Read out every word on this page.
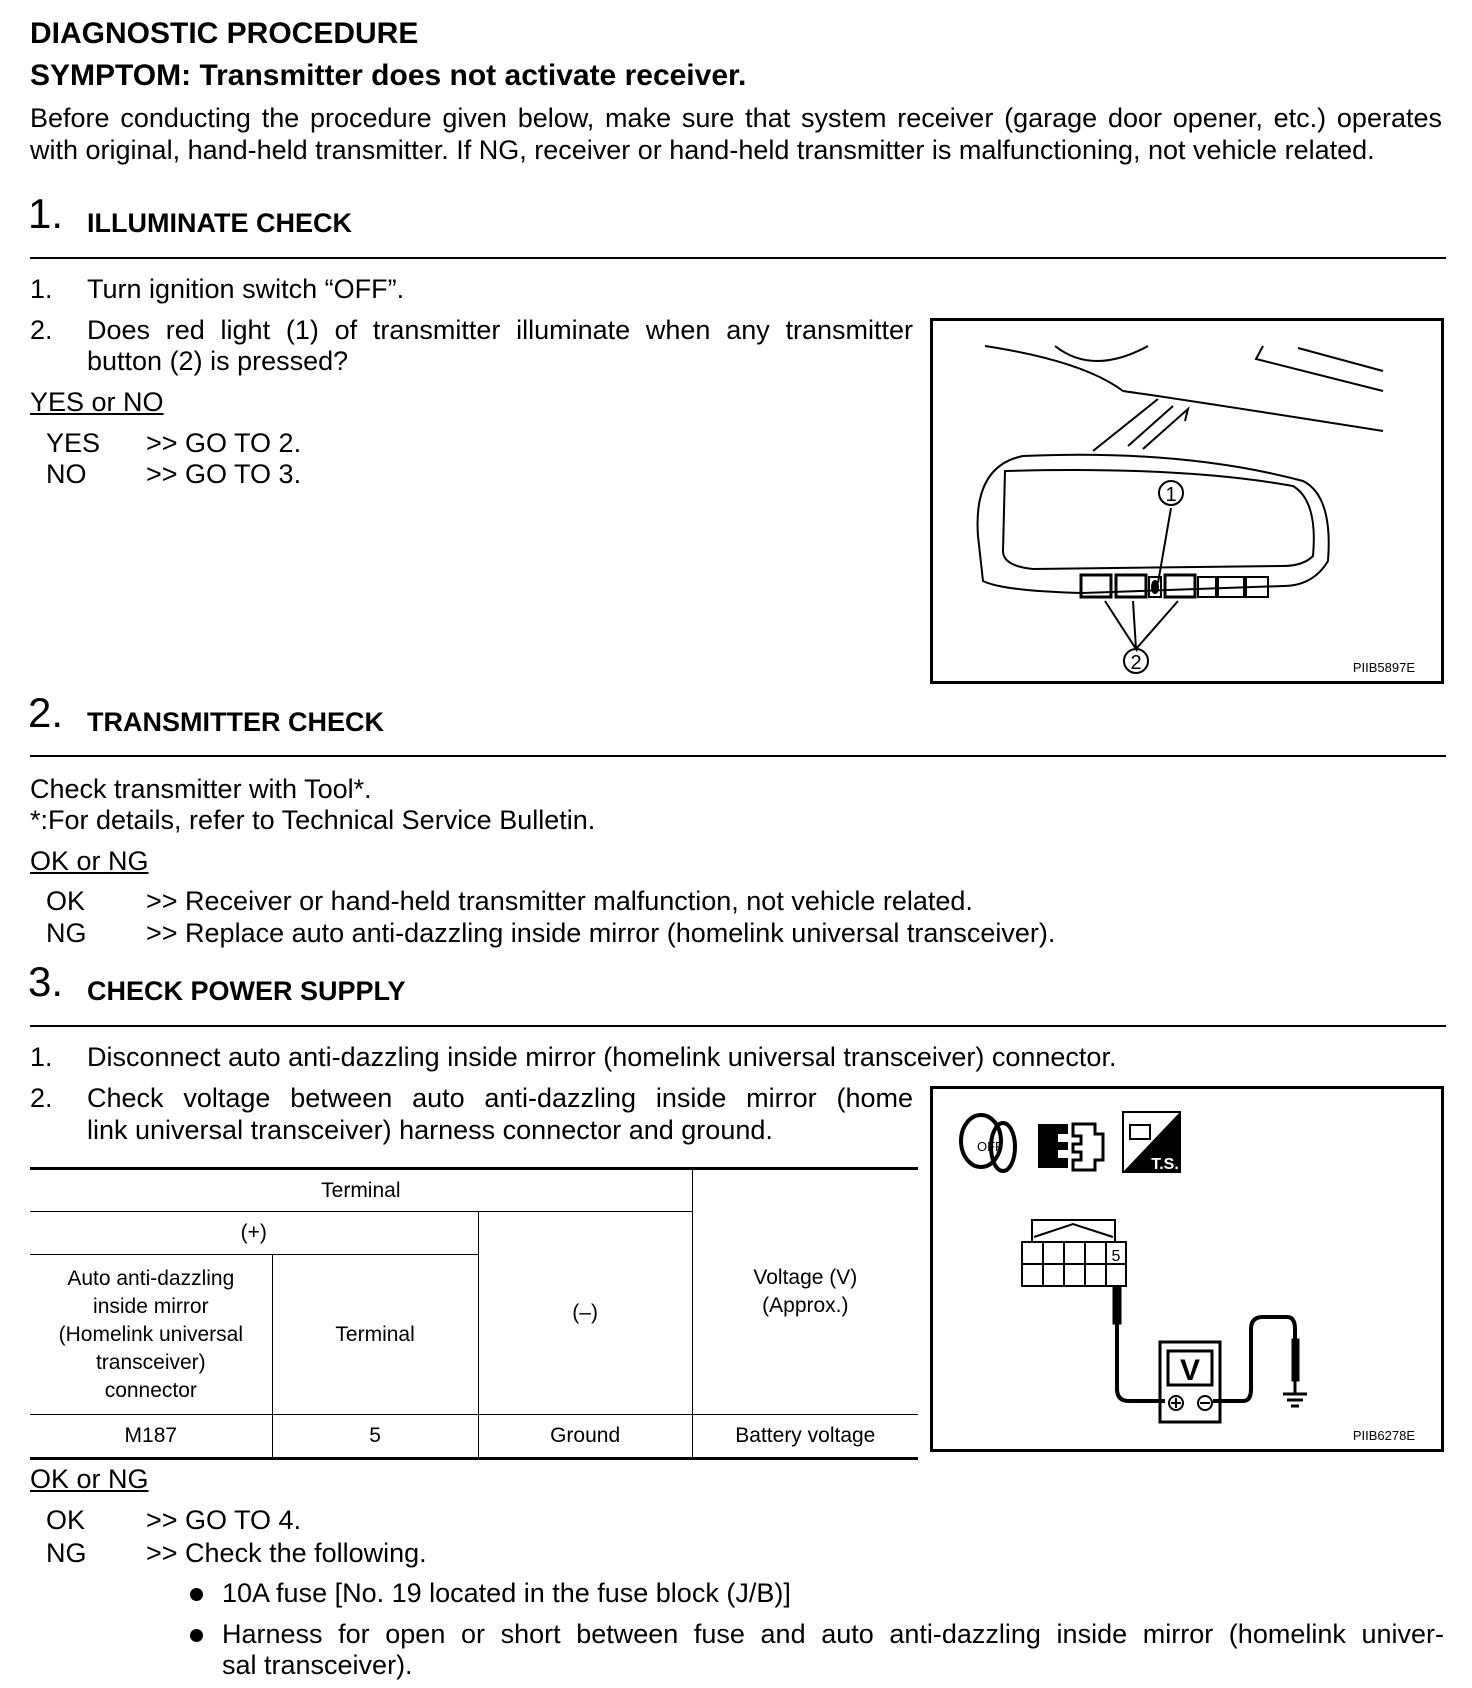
DIAGNOSTIC PROCEDURE
SYMPTOM: Transmitter does not activate receiver.
Before conducting the procedure given below, make sure that system receiver (garage door opener, etc.) operates with original, hand-held transmitter. If NG, receiver or hand-held transmitter is malfunctioning, not vehicle related.
1. ILLUMINATE CHECK
1. Turn ignition switch “OFF”.
2. Does red light (1) of transmitter illuminate when any transmitter
button (2) is pressed?
YES or NO
YES >> GO TO 2.
NO >> GO TO 3.
1
2	PIIB5897E
2. TRANSMITTER CHECK
Check transmitter with Tool*.
*:For details, refer to Technical Service Bulletin.
OK or NG
OK >> Receiver or hand-held transmitter malfunction, not vehicle related.
NG >> Replace auto anti-dazzling inside mirror (homelink universal transceiver).
3. CHECK POWER SUPPLY
1. Disconnect auto anti-dazzling inside mirror (homelink universal transceiver) connector.
2. Check voltage between auto anti-dazzling inside mirror (home
link universal transceiver) harness connector and ground.
Terminal			Voltage (V)
(Approx.)
(+)		(–)	
Auto anti-dazzling
inside mirror
(Homelink universal
transceiver)
connector	Terminal		
M187	5	Ground	Battery voltage
OFF
T.S.
5
V
PIIB6278E
OK or NG
OK >> GO TO 4.
NG >> Check the following.
10A fuse [No. 19 located in the fuse block (J/B)]
Harness for open or short between fuse and auto anti-dazzling inside mirror (homelink univer-
sal transceiver).
